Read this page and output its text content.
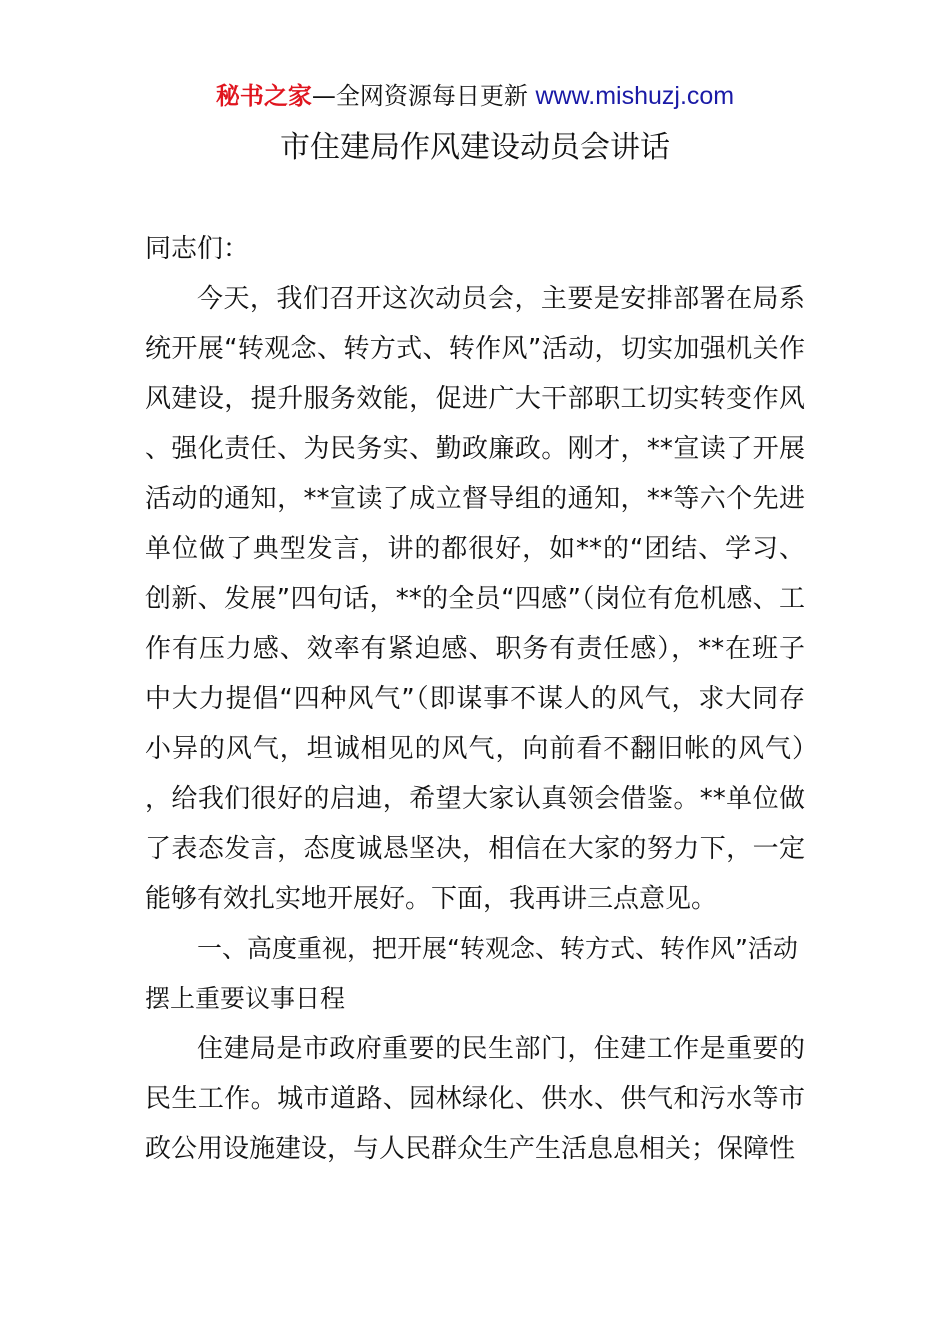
秘书之家—全网资源每日更新 www.mishuzj.com
市住建局作风建设动员会讲话

同志们：

今天，我们召开这次动员会，主要是安排部署在局系统开展“转观念、转方式、转作风”活动，切实加强机关作风建设，提升服务效能，促进广大干部职工切实转变作风、强化责任、为民务实、勤政廉政。刚才，**宣读了开展活动的通知，**宣读了成立督导组的通知，**等六个先进单位做了典型发言，讲的都很好，如**的“团结、学习、创新、发展”四句话，**的全员“四感”（岗位有危机感、工作有压力感、效率有紧迫感、职务有责任感），**在班子中大力提倡“四种风气”（即谋事不谋人的风气，求大同存小异的风气，坦诚相见的风气，向前看不翻旧帐的风气），给我们很好的启迪，希望大家认真领会借鉴。**单位做了表态发言，态度诚恳坚决，相信在大家的努力下，一定能够有效扎实地开展好。下面，我再讲三点意见。

一、高度重视，把开展“转观念、转方式、转作风”活动摆上重要议事日程

住建局是市政府重要的民生部门，住建工作是重要的民生工作。城市道路、园林绿化、供水、供气和污水等市政公用设施建设，与人民群众生产生活息息相关；保障性
